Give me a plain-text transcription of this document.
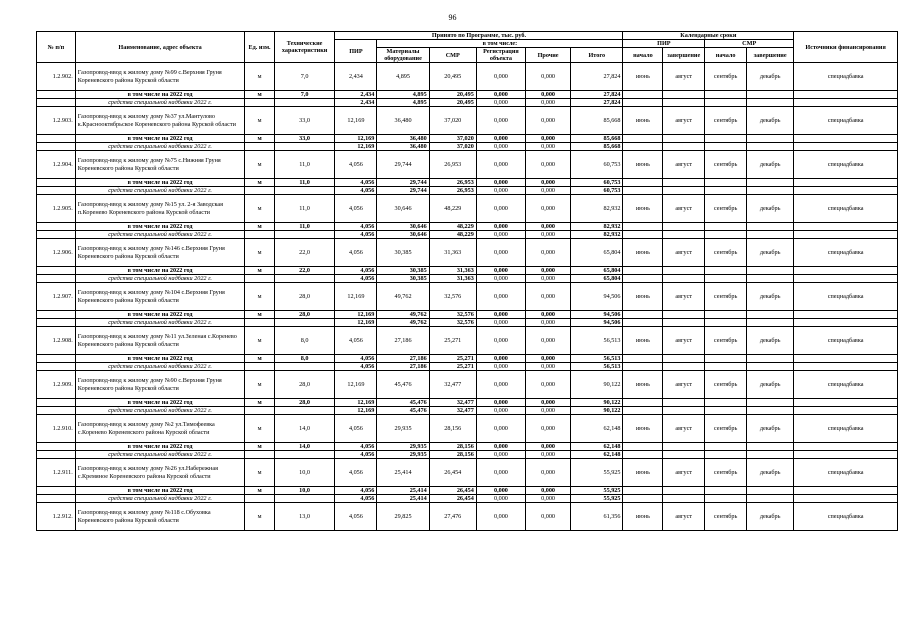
96
№ п/п	Наименование, адрес объекта	Ед. изм.	Технические характеристики	Принято по Программе, тыс. руб.						Календарные сроки				Источники финансирования
				ПИР	в том числе:					ПИР		СМР		
					Материалы оборудование	СМР	Регистрация объекта	Прочие	Итого	начало	завершение	начало	завершение	
1.2.902.	Газопровод-ввод к жилому дому №99 с.Верхняя Груня Кореневского района Курской области	м	7,0	2,434	4,895	20,495	0,000	0,000	27,824	июнь	август	сентябрь	декабрь	спецнадбавка
	в том числе на 2022 год	м	7,0	2,434	4,895	20,495	0,000	0,000	27,824					
	средства специальной надбавки 2022 г.			2,434	4,895	20,495	0,000	0,000	27,824					
1.2.903.	Газопровод-ввод к жилому дому №37 ул.Мантулово к.Краснооктябрьское Кореневского района Курской области	м	33,0	12,169	36,480	37,020	0,000	0,000	85,668	июнь	август	сентябрь	декабрь	спецнадбавка
	в том числе на 2022 год	м	33,0	12,169	36,480	37,020	0,000	0,000	85,668					
	средства специальной надбавки 2022 г.			12,169	36,480	37,020	0,000	0,000	85,668					
1.2.904.	Газопровод-ввод к жилому дому №75 с.Нижняя Груня Кореневского района Курской области	м	11,0	4,056	29,744	26,953	0,000	0,000	60,753	июнь	август	сентябрь	декабрь	спецнадбавка
	в том числе на 2022 год	м	11,0	4,056	29,744	26,953	0,000	0,000	60,753					
	средства специальной надбавки 2022 г.			4,056	29,744	26,953	0,000	0,000	60,753					
1.2.905.	Газопровод-ввод к жилому дому №15 ул. 2-я Заводская п.Коренево Кореневского района Курской области	м	11,0	4,056	30,646	48,229	0,000	0,000	82,932	июнь	август	сентябрь	декабрь	спецнадбавка
	в том числе на 2022 год	м	11,0	4,056	30,646	48,229	0,000	0,000	82,932					
	средства специальной надбавки 2022 г.			4,056	30,646	48,229	0,000	0,000	82,932					
1.2.906.	Газопровод-ввод к жилому дому №146 с.Верхняя Груня Кореневского района Курской области	м	22,0	4,056	30,385	31,363	0,000	0,000	65,804	июнь	август	сентябрь	декабрь	спецнадбавка
	в том числе на 2022 год	м	22,0	4,056	30,385	31,363	0,000	0,000	65,804					
	средства специальной надбавки 2022 г.			4,056	30,385	31,363	0,000	0,000	65,804					
1.2.907.	Газопровод-ввод к жилому дому №104 с.Верхняя Груня Кореневского района Курской области	м	28,0	12,169	49,762	32,576	0,000	0,000	94,506	июнь	август	сентябрь	декабрь	спецнадбавка
	в том числе на 2022 год	м	28,0	12,169	49,762	32,576	0,000	0,000	94,506					
	средства специальной надбавки 2022 г.			12,169	49,762	32,576	0,000	0,000	94,506					
1.2.908.	Газопровод-ввод к жилому дому №11 ул.Зеленая с.Коренево Кореневского района Курской области	м	8,0	4,056	27,186	25,271	0,000	0,000	56,513	июнь	август	сентябрь	декабрь	спецнадбавка
	в том числе на 2022 год	м	8,0	4,056	27,186	25,271	0,000	0,000	56,513					
	средства специальной надбавки 2022 г.			4,056	27,186	25,271	0,000	0,000	56,513					
1.2.909.	Газопровод-ввод к жилому дому №90 с.Верхняя Груня Кореневского района Курской области	м	28,0	12,169	45,476	32,477	0,000	0,000	90,122	июнь	август	сентябрь	декабрь	спецнадбавка
	в том числе на 2022 год	м	28,0	12,169	45,476	32,477	0,000	0,000	90,122					
	средства специальной надбавки 2022 г.			12,169	45,476	32,477	0,000	0,000	90,122					
1.2.910.	Газопровод-ввод к жилому дому №2 ул.Тимофеевка с.Коренево Кореневского района Курской области	м	14,0	4,056	29,935	28,156	0,000	0,000	62,148	июнь	август	сентябрь	декабрь	спецнадбавка
	в том числе на 2022 год	м	14,0	4,056	29,935	28,156	0,000	0,000	62,148					
	средства специальной надбавки 2022 г.			4,056	29,935	28,156	0,000	0,000	62,148					
1.2.911.	Газопровод-ввод к жилому дому №26 ул.Набережная с.Кремяное Кореневского района Курской области	м	10,0	4,056	25,414	26,454	0,000	0,000	55,925	июнь	август	сентябрь	декабрь	спецнадбавка
	в том числе на 2022 год	м	10,0	4,056	25,414	26,454	0,000	0,000	55,925					
	средства специальной надбавки 2022 г.			4,056	25,414	26,454	0,000	0,000	55,925					
1.2.912.	Газопровод-ввод к жилому дому №118 с.Обуховка Кореневского района Курской области	м	13,0	4,056	29,825	27,476	0,000	0,000	61,356	июнь	август	сентябрь	декабрь	спецнадбавка
